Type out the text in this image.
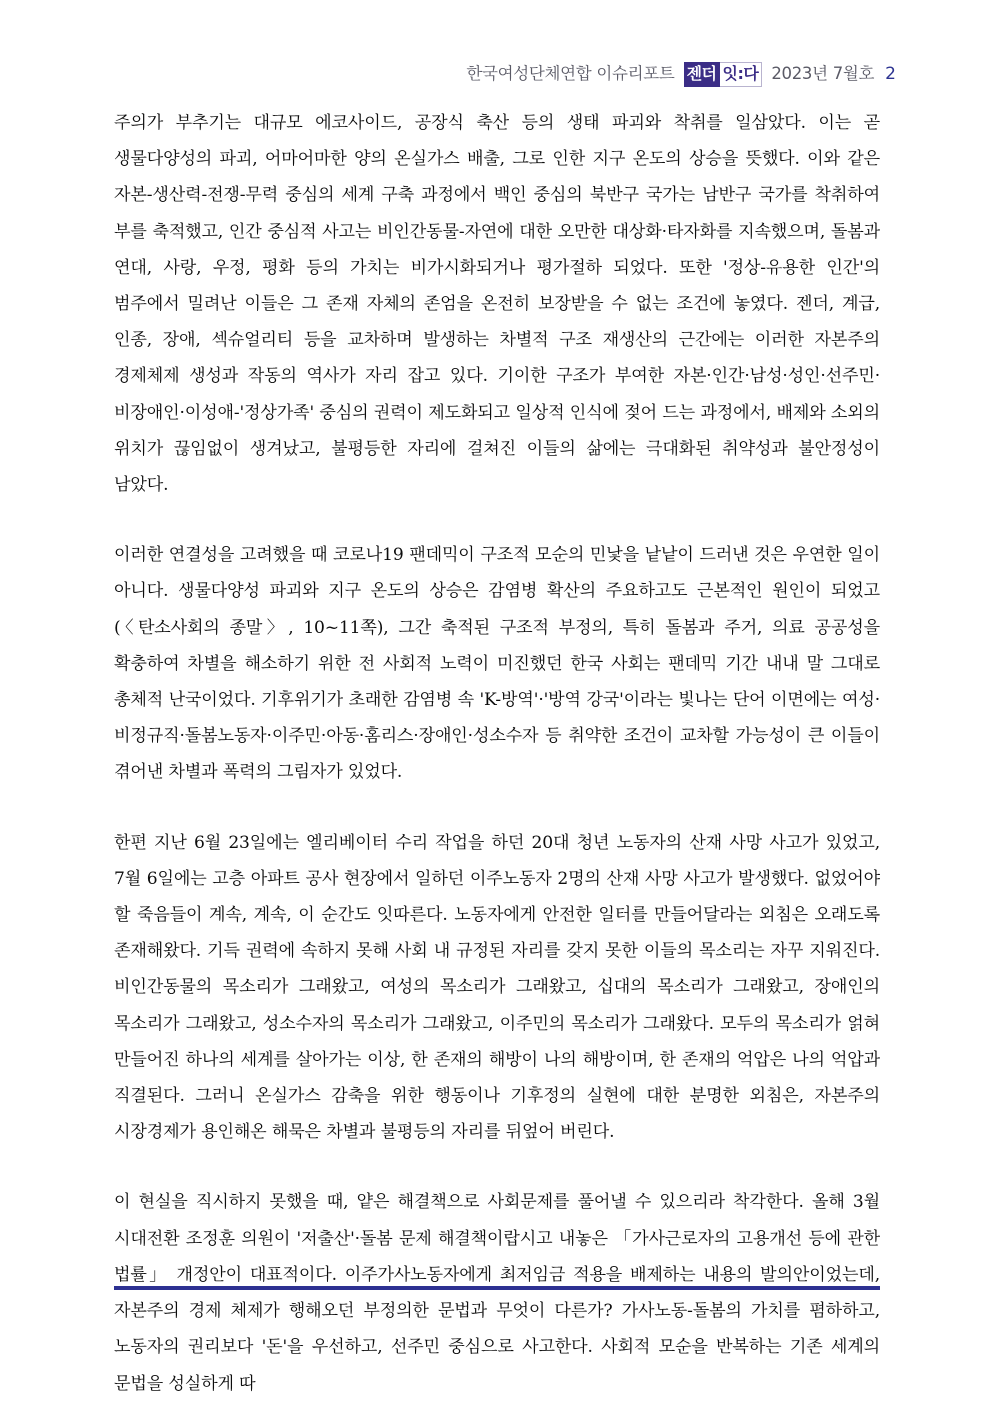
한국여성단체연합 이슈리포트 젠더 잇:다 2023년 7월호 2

주의가 부추기는 대규모 에코사이드, 공장식 축산 등의 생태 파괴와 착취를 일삼았다. 이는 곧 생물다양성의 파괴, 어마어마한 양의 온실가스 배출, 그로 인한 지구 온도의 상승을 뜻했다. 이와 같은 자본-생산력-전쟁-무력 중심의 세계 구축 과정에서 백인 중심의 북반구 국가는 남반구 국가를 착취하여 부를 축적했고, 인간 중심적 사고는 비인간동물-자연에 대한 오만한 대상화·타자화를 지속했으며, 돌봄과 연대, 사랑, 우정, 평화 등의 가치는 비가시화되거나 평가절하 되었다. 또한 '정상-유용한 인간'의 범주에서 밀려난 이들은 그 존재 자체의 존엄을 온전히 보장받을 수 없는 조건에 놓였다. 젠더, 계급, 인종, 장애, 섹슈얼리티 등을 교차하며 발생하는 차별적 구조 재생산의 근간에는 이러한 자본주의 경제체제 생성과 작동의 역사가 자리 잡고 있다. 기이한 구조가 부여한 자본·인간·남성·성인·선주민·비장애인·이성애-'정상가족' 중심의 권력이 제도화되고 일상적 인식에 젖어 드는 과정에서, 배제와 소외의 위치가 끊임없이 생겨났고, 불평등한 자리에 걸쳐진 이들의 삶에는 극대화된 취약성과 불안정성이 남았다.

이러한 연결성을 고려했을 때 코로나19 팬데믹이 구조적 모순의 민낯을 낱낱이 드러낸 것은 우연한 일이 아니다. 생물다양성 파괴와 지구 온도의 상승은 감염병 확산의 주요하고도 근본적인 원인이 되었고(〈탄소사회의 종말〉, 10~11쪽), 그간 축적된 구조적 부정의, 특히 돌봄과 주거, 의료 공공성을 확충하여 차별을 해소하기 위한 전 사회적 노력이 미진했던 한국 사회는 팬데믹 기간 내내 말 그대로 총체적 난국이었다. 기후위기가 초래한 감염병 속 'K-방역'·'방역 강국'이라는 빛나는 단어 이면에는 여성·비정규직·돌봄노동자·이주민·아동·홈리스·장애인·성소수자 등 취약한 조건이 교차할 가능성이 큰 이들이 겪어낸 차별과 폭력의 그림자가 있었다.

한편 지난 6월 23일에는 엘리베이터 수리 작업을 하던 20대 청년 노동자의 산재 사망 사고가 있었고, 7월 6일에는 고층 아파트 공사 현장에서 일하던 이주노동자 2명의 산재 사망 사고가 발생했다. 없었어야 할 죽음들이 계속, 계속, 이 순간도 잇따른다. 노동자에게 안전한 일터를 만들어달라는 외침은 오래도록 존재해왔다. 기득 권력에 속하지 못해 사회 내 규정된 자리를 갖지 못한 이들의 목소리는 자꾸 지워진다. 비인간동물의 목소리가 그래왔고, 여성의 목소리가 그래왔고, 십대의 목소리가 그래왔고, 장애인의 목소리가 그래왔고, 성소수자의 목소리가 그래왔고, 이주민의 목소리가 그래왔다. 모두의 목소리가 얽혀 만들어진 하나의 세계를 살아가는 이상, 한 존재의 해방이 나의 해방이며, 한 존재의 억압은 나의 억압과 직결된다. 그러니 온실가스 감축을 위한 행동이나 기후정의 실현에 대한 분명한 외침은, 자본주의 시장경제가 용인해온 해묵은 차별과 불평등의 자리를 뒤엎어 버린다.

이 현실을 직시하지 못했을 때, 얕은 해결책으로 사회문제를 풀어낼 수 있으리라 착각한다. 올해 3월 시대전환 조정훈 의원이 '저출산'·돌봄 문제 해결책이랍시고 내놓은 「가사근로자의 고용개선 등에 관한 법률」 개정안이 대표적이다. 이주가사노동자에게 최저임금 적용을 배제하는 내용의 발의안이었는데, 자본주의 경제 체제가 행해오던 부정의한 문법과 무엇이 다른가? 가사노동-돌봄의 가치를 폄하하고, 노동자의 권리보다 '돈'을 우선하고, 선주민 중심으로 사고한다. 사회적 모순을 반복하는 기존 세계의 문법을 성실하게 따
